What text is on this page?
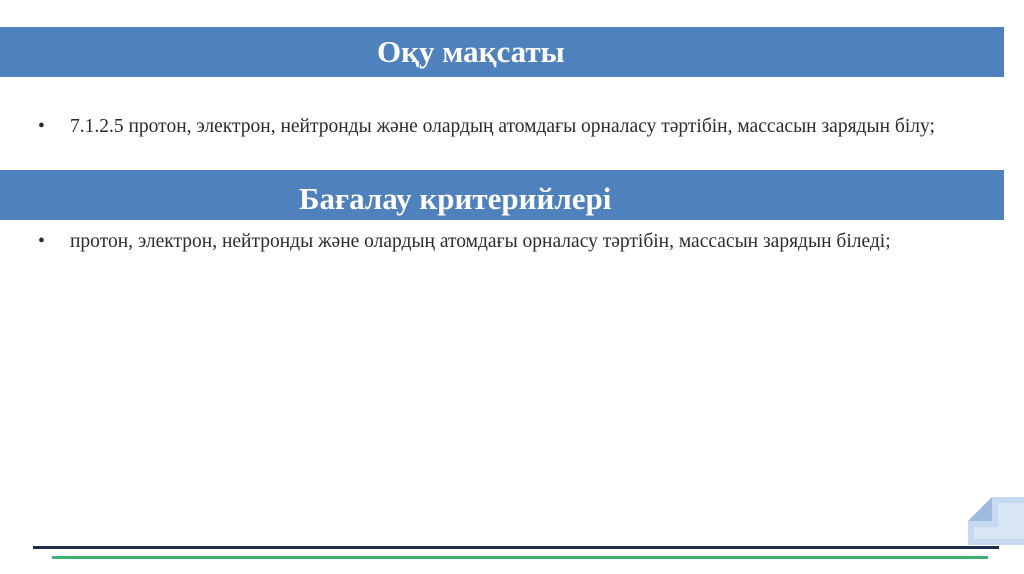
Оқу мақсаты
• 7.1.2.5 протон, электрон, нейтронды және олардың атомдағы орналасу тәртібін, массасын зарядын білу;
Бағалау критерийлері
• протон, электрон, нейтронды және олардың атомдағы орналасу тәртібін, массасын зарядын біледі;
